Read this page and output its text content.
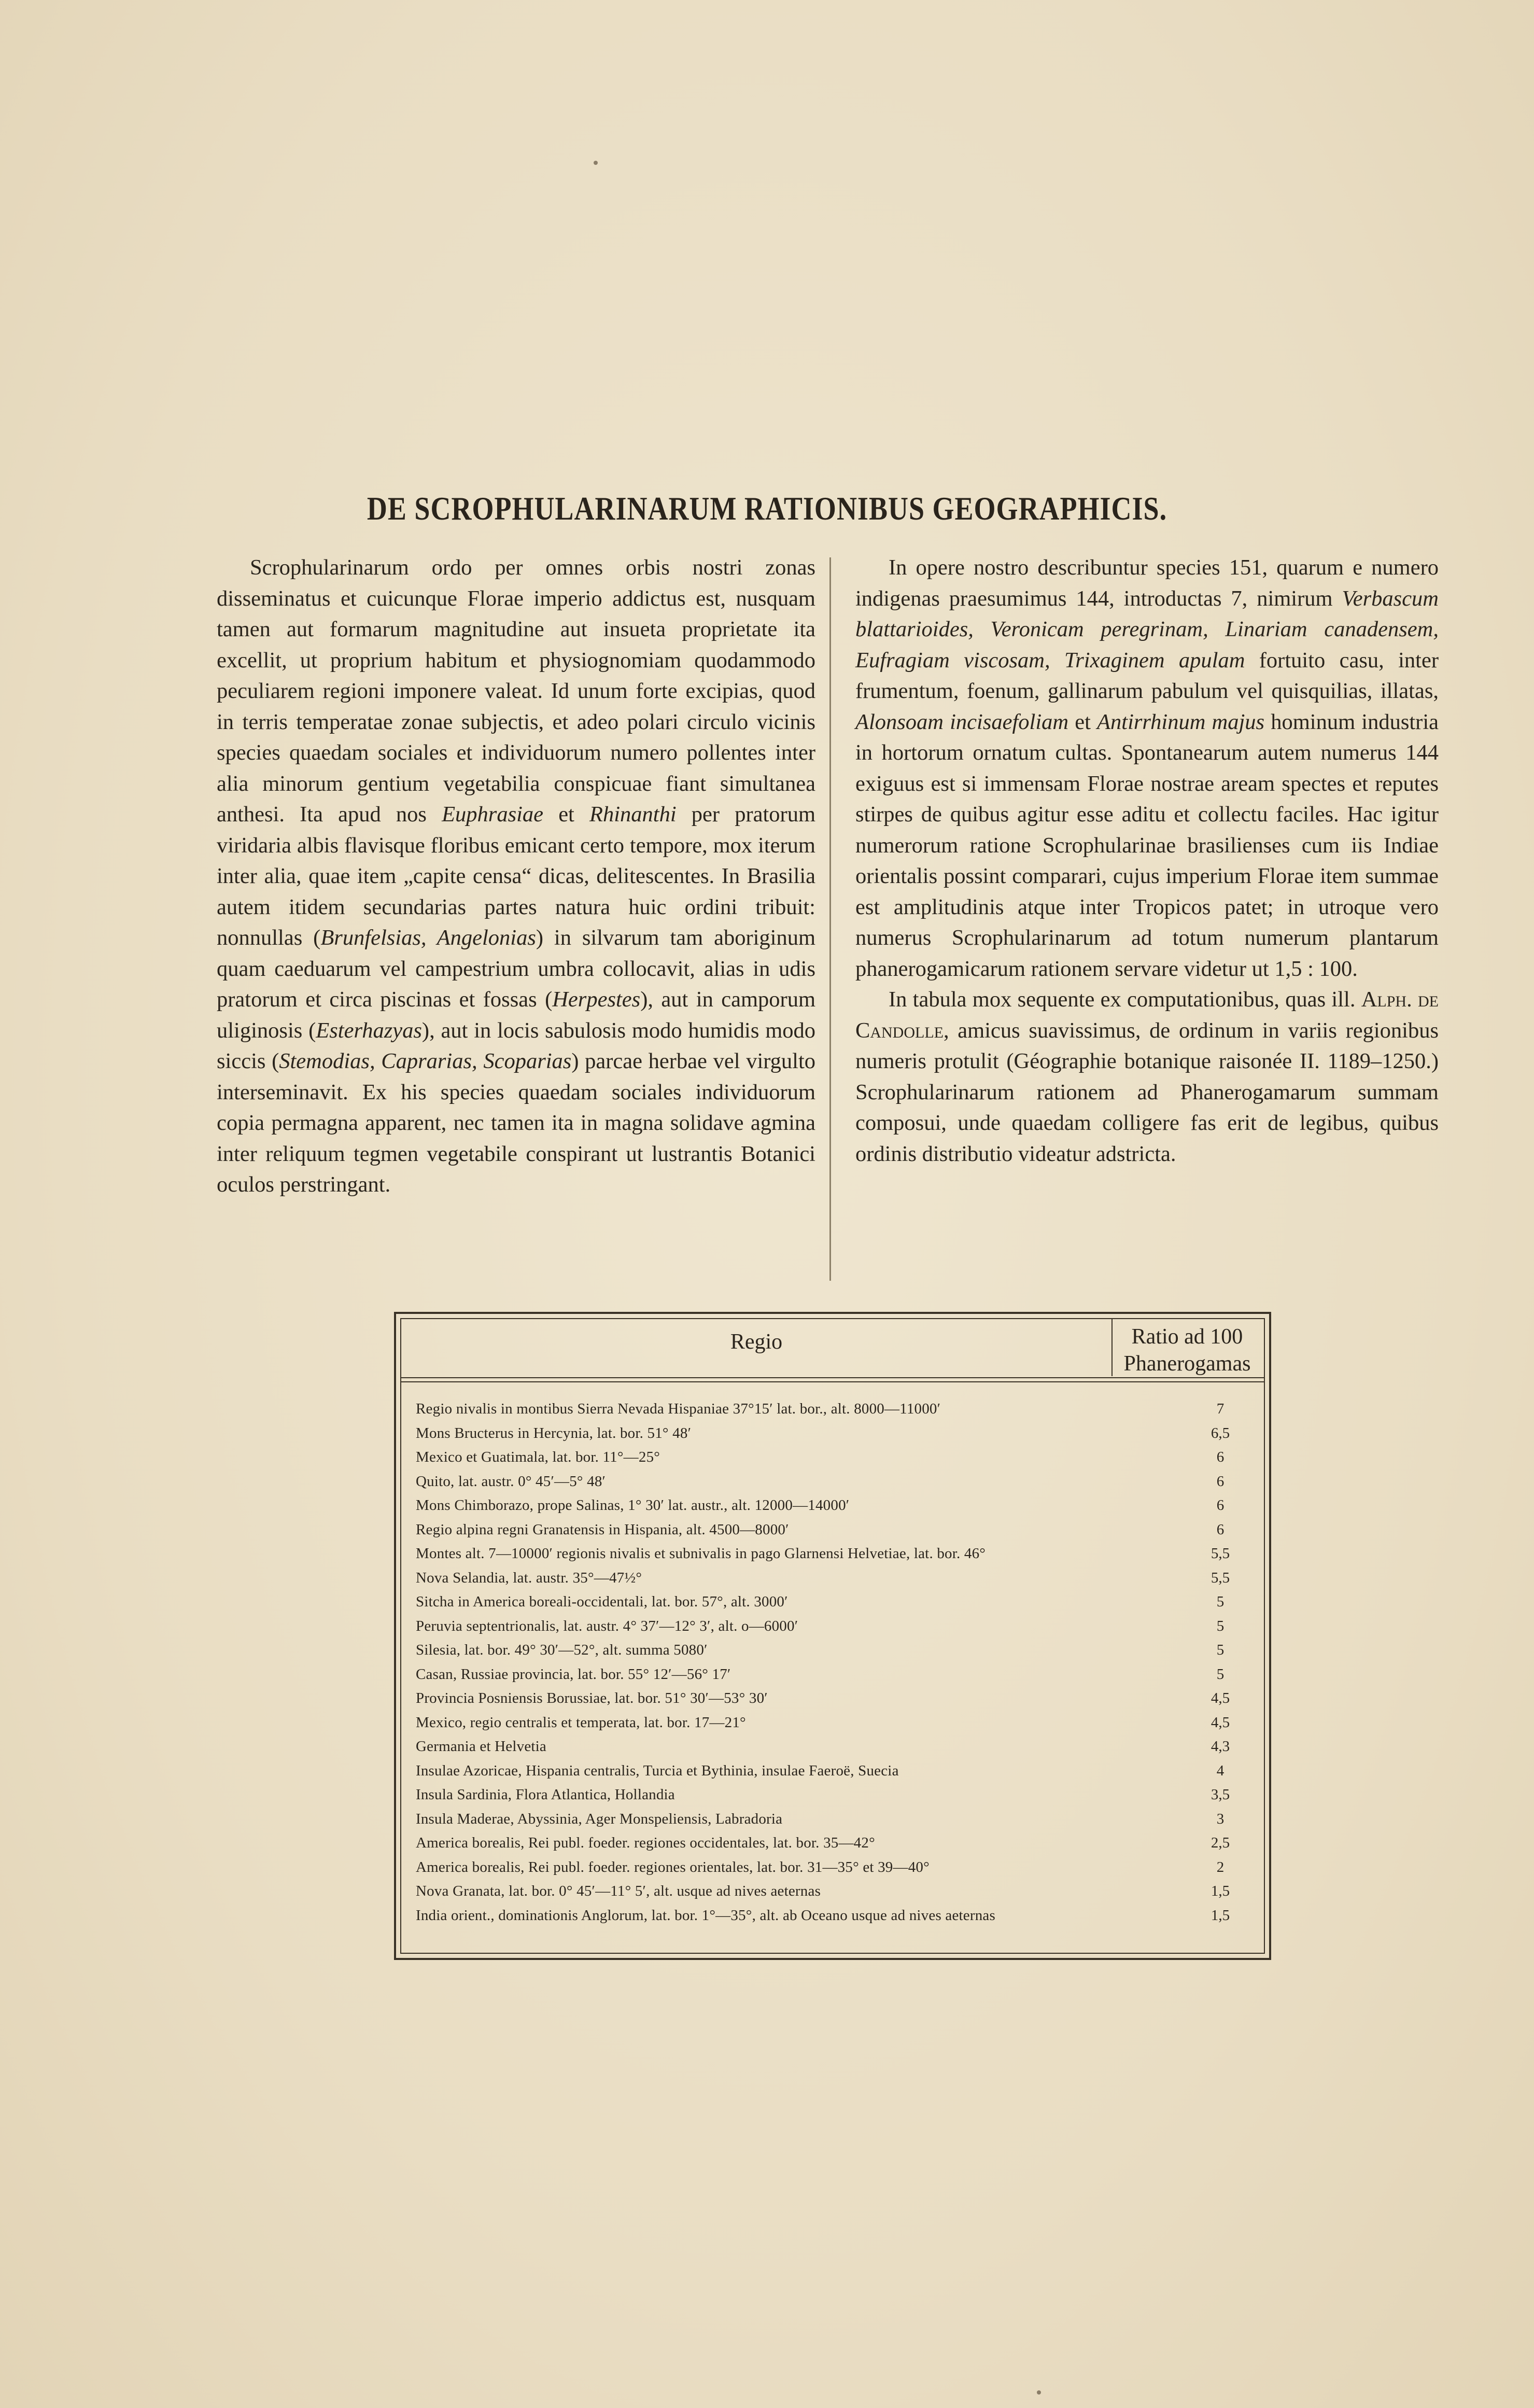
DE SCROPHULARINARUM RATIONIBUS GEOGRAPHICIS.

Scrophularinarum ordo per omnes orbis nostri zonas disseminatus et cuicunque Florae imperio addictus est, nusquam tamen aut formarum magnitudine aut insueta proprietate ita excellit, ut proprium habitum et physiognomiam quodammodo peculiarem regioni imponere valeat. Id unum forte excipias, quod in terris temperatae zonae subjectis, et adeo polari circulo vicinis species quaedam sociales et individuorum numero pollentes inter alia minorum gentium vegetabilia conspicuae fiant simultanea anthesi. Ita apud nos Euphrasiae et Rhinanthi per pratorum viridaria albis flavisque floribus emicant certo tempore, mox iterum inter alia, quae item „capite censa“ dicas, delitescentes. In Brasilia autem itidem secundarias partes natura huic ordini tribuit: nonnullas (Brunfelsias, Angelonias) in silvarum tam aboriginum quam caeduarum vel campestrium umbra collocavit, alias in udis pratorum et circa piscinas et fossas (Herpestes), aut in camporum uliginosis (Esterhazyas), aut in locis sabulosis modo humidis modo siccis (Stemodias, Caprarias, Scoparias) parcae herbae vel virgulto interseminavit. Ex his species quaedam sociales individuorum copia permagna apparent, nec tamen ita in magna solidave agmina inter reliquum tegmen vegetabile conspirant ut lustrantis Botanici oculos perstringant.

In opere nostro describuntur species 151, quarum e numero indigenas praesumimus 144, introductas 7, nimirum Verbascum blattarioides, Veronicam peregrinam, Linariam canadensem, Eufragiam viscosam, Trixaginem apulam fortuito casu, inter frumentum, foenum, gallinarum pabulum vel quisquilias, illatas, Alonsoam incisaefoliam et Antirrhinum majus hominum industria in hortorum ornatum cultas. Spontanearum autem numerus 144 exiguus est si immensam Florae nostrae aream spectes et reputes stirpes de quibus agitur esse aditu et collectu faciles. Hac igitur numerorum ratione Scrophularinae brasilienses cum iis Indiae orientalis possint comparari, cujus imperium Florae item summae est amplitudinis atque inter Tropicos patet; in utroque vero numerus Scrophularinarum ad totum numerum plantarum phanerogamicarum rationem servare videtur ut 1,5 : 100.

In tabula mox sequente ex computationibus, quas ill. Alph. de Candolle, amicus suavissimus, de ordinum in variis regionibus numeris protulit (Géographie botanique raisonée II. 1189–1250.) Scrophularinarum rationem ad Phanerogamarum summam composui, unde quaedam colligere fas erit de legibus, quibus ordinis distributio videatur adstricta.

Regio	Ratio ad 100
Phanerogamas
Regio nivalis in montibus Sierra Nevada Hispaniae 37°15′ lat. bor., alt. 8000—11000′	7
Mons Bructerus in Hercynia, lat. bor. 51° 48′	6,5
Mexico et Guatimala, lat. bor. 11°—25°	6
Quito, lat. austr. 0° 45′—5° 48′	6
Mons Chimborazo, prope Salinas, 1° 30′ lat. austr., alt. 12000—14000′	6
Regio alpina regni Granatensis in Hispania, alt. 4500—8000′	6
Montes alt. 7—10000′ regionis nivalis et subnivalis in pago Glarnensi Helvetiae, lat. bor. 46°	5,5
Nova Selandia, lat. austr. 35°—47½°	5,5
Sitcha in America boreali-occidentali, lat. bor. 57°, alt. 3000′	5
Peruvia septentrionalis, lat. austr. 4° 37′—12° 3′, alt. o—6000′	5
Silesia, lat. bor. 49° 30′—52°, alt. summa 5080′	5
Casan, Russiae provincia, lat. bor. 55° 12′—56° 17′	5
Provincia Posniensis Borussiae, lat. bor. 51° 30′—53° 30′	4,5
Mexico, regio centralis et temperata, lat. bor. 17—21°	4,5
Germania et Helvetia	4,3
Insulae Azoricae, Hispania centralis, Turcia et Bythinia, insulae Faeroë, Suecia	4
Insula Sardinia, Flora Atlantica, Hollandia	3,5
Insula Maderae, Abyssinia, Ager Monspeliensis, Labradoria	3
America borealis, Rei publ. foeder. regiones occidentales, lat. bor. 35—42°	2,5
America borealis, Rei publ. foeder. regiones orientales, lat. bor. 31—35° et 39—40°	2
Nova Granata, lat. bor. 0° 45′—11° 5′, alt. usque ad nives aeternas	1,5
India orient., dominationis Anglorum, lat. bor. 1°—35°, alt. ab Oceano usque ad nives aeternas	1,5
